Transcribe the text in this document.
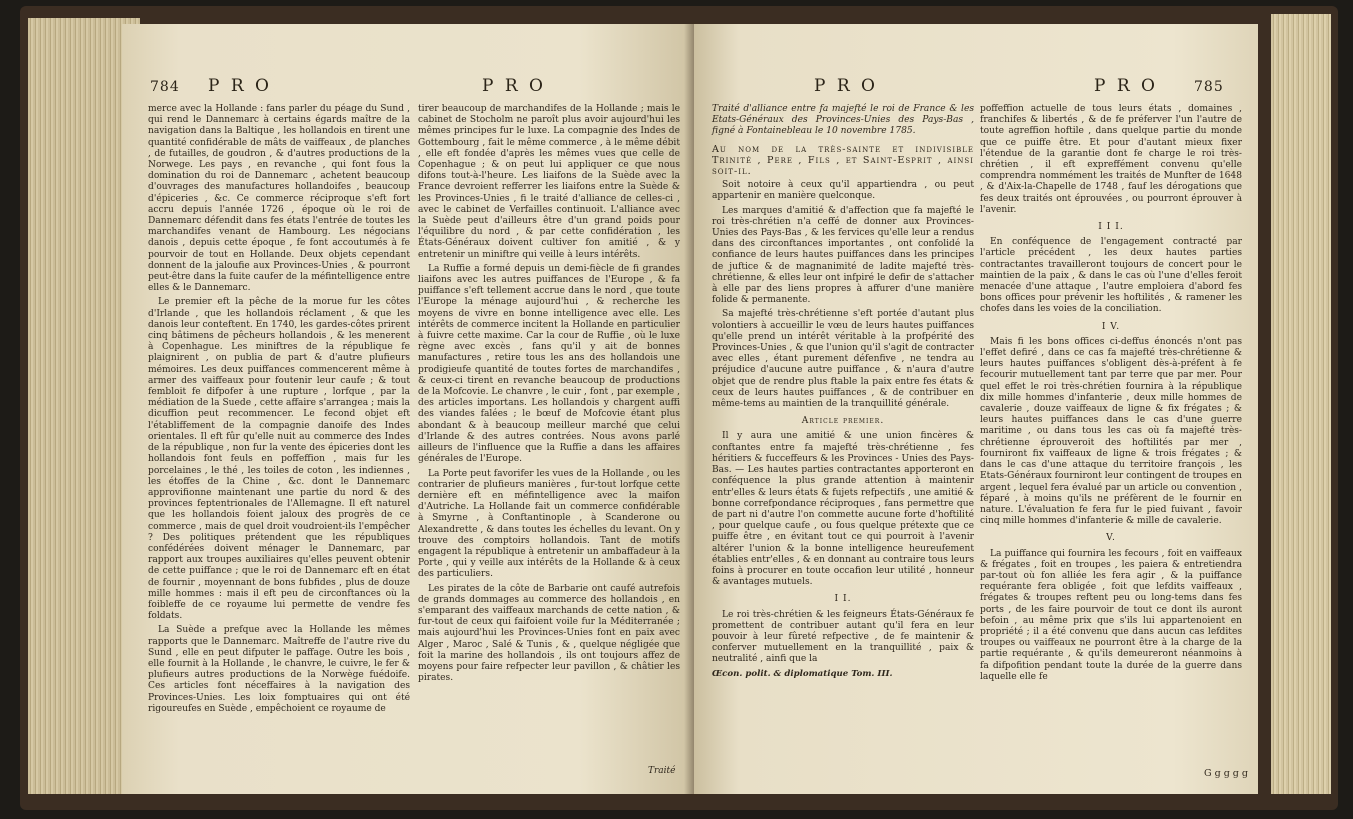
784 P R O	P R O

merce avec la Hollande : fans parler du péage du Sund , qui rend le Dannemarc à certains égards maître de la navigation dans la Baltique , les hollandois en tirent une quantité confidérable de mâts de vaiffeaux , de planches , de futailles, de goudron , & d'autres productions de la Norwege. Les pays , en revanche , qui font fous la domination du roi de Dannemarc , achetent beaucoup d'ouvrages des manufactures hollandoifes , beaucoup d'épiceries , &c. Ce commerce réciproque s'eft fort accru depuis l'année 1726 , époque où le roi de Dannemarc défendit dans fes états l'entrée de toutes les marchandifes venant de Hambourg. Les négocians danois , depuis cette époque , fe font accoutumés à fe pourvoir de tout en Hollande. Deux objets cependant donnent de la jaloufie aux Provinces-Unies , & pourront peut-être dans la fuite caufer de la méfintelligence entre elles & le Dannemarc.

Le premier eft la pêche de la morue fur les côtes d'Irlande , que les hollandois réclament , & que les danois leur conteftent. En 1740, les gardes-côtes prirent cinq bâtimens de pêcheurs hollandois , & les menerent à Copenhague. Les miniftres de la république fe plaignirent , on publia de part & d'autre plufieurs mémoires. Les deux puiffances commencerent même à armer des vaiffeaux pour foutenir leur caufe ; & tout fembloit fe difpofer à une rupture , lorfque , par la médiation de la Suede , cette affaire s'arrangea ; mais la dicuffion peut recommencer. Le fecond objet eft l'établiffement de la compagnie danoife des Indes orientales. Il eft fûr qu'elle nuit au commerce des Indes de la république , non fur la vente des épiceries dont les hollandois font feuls en poffeffion , mais fur les porcelaines , le thé , les toiles de coton , les indiennes , les étoffes de la Chine , &c. dont le Dannemarc approvifionne maintenant une partie du nord & des provinces feptentrionales de l'Allemagne. Il eft naturel que les hollandois foient jaloux des progrès de ce commerce , mais de quel droit voudroient-ils l'empêcher ? Des politiques prétendent que les républiques confédérées doivent ménager le Dannemarc, par rapport aux troupes auxiliaires qu'elles peuvent obtenir de cette puiffance ; que le roi de Dannemarc eft en état de fournir , moyennant de bons fubfides , plus de douze mille hommes : mais il eft peu de circonftances où la foibleffe de ce royaume lui permette de vendre fes foldats.

La Suède a prefque avec la Hollande les mêmes rapports que le Dannemarc. Maîtreffe de l'autre rive du Sund , elle en peut difputer le paffage. Outre les bois , elle fournit à la Hollande , le chanvre, le cuivre, le fer & plufieurs autres productions de la Norwège fuédoife. Ces articles font néceffaires à la navigation des Provinces-Unies. Les loix fomptuaires qui ont été rigoureufes en Suède , empêchoient ce royaume de

tirer beaucoup de marchandifes de la Hollande ; mais le cabinet de Stocholm ne paroît plus avoir aujourd'hui les mêmes principes fur le luxe. La compagnie des Indes de Gottembourg , fait le même commerce , à le même débit , elle eft fondée d'après les mêmes vues que celle de Copenhague ; & on peut lui appliquer ce que nous difons tout-à-l'heure. Les liaifons de la Suède avec la France devroient refferrer les liaifons entre la Suède & les Provinces-Unies , fi le traité d'alliance de celles-ci , avec le cabinet de Verfailles continuoit. L'alliance avec la Suède peut d'ailleurs être d'un grand poids pour l'équilibre du nord , & par cette confidération , les États-Généraux doivent cultiver fon amitié , & y entretenir un miniftre qui veille à leurs intérêts.

La Ruffie a formé depuis un demi-fiècle de fi grandes liaifons avec les autres puiffances de l'Europe , & fa puiffance s'eft tellement accrue dans le nord , que toute l'Europe la ménage aujourd'hui , & recherche les moyens de vivre en bonne intelligence avec elle. Les intérêts de commerce incitent la Hollande en particulier à fuivre cette maxime. Car la cour de Ruffie , où le luxe règne avec excès , fans qu'il y ait de bonnes manufactures , retire tous les ans des hollandois une prodigieufe quantité de toutes fortes de marchandifes , & ceux-ci tirent en revanche beaucoup de productions de la Mofcovie. Le chanvre , le cuir , font , par exemple , des articles importans. Les hollandois y chargent auffi des viandes falées ; le bœuf de Mofcovie étant plus abondant & à beaucoup meilleur marché que celui d'Irlande & des autres contrées. Nous avons parlé ailleurs de l'influence que la Ruffie a dans les affaires générales de l'Europe.

La Porte peut favorifer les vues de la Hollande , ou les contrarier de plufieurs manières , fur-tout lorfque cette dernière eft en méfintelligence avec la maifon d'Autriche. La Hollande fait un commerce confidérable à Smyrne , à Conftantinople , à Scanderone ou Alexandrette , & dans toutes les échelles du levant. On y trouve des comptoirs hollandois. Tant de motifs engagent la république à entretenir un ambaffadeur à la Porte , qui y veille aux intérêts de la Hollande & à ceux des particuliers.

Les pirates de la côte de Barbarie ont caufé autrefois de grands dommages au commerce des hollandois , en s'emparant des vaiffeaux marchands de cette nation , & fur-tout de ceux qui faifoient voile fur la Méditerranée ; mais aujourd'hui les Provinces-Unies font en paix avec Alger , Maroc , Salé & Tunis , & , quelque négligée que foit la marine des hollandois , ils ont toujours affez de moyens pour faire refpecter leur pavillon , & châtier les pirates.

Traité
P R O	P R O	785

Traité d'alliance entre fa majefté le roi de France & les Etats-Généraux des Provinces-Unies des Pays-Bas , figné à Fontainebleau le 10 novembre 1785.

Au nom de la très-sainte et indivisible Trinité , Pere , Fils , et Saint-Esprit , ainsi soit-il.

Soit notoire à ceux qu'il appartiendra , ou peut appartenir en manière quelconque.

Les marques d'amitié & d'affection que fa majefté le roi très-chrétien n'a ceffé de donner aux Provinces-Unies des Pays-Bas , & les fervices qu'elle leur a rendus dans des circonftances importantes , ont confolidé la confiance de leurs hautes puiffances dans les principes de juftice & de magnanimité de ladite majefté très-chrétienne, & elles leur ont infpiré le defir de s'attacher à elle par des liens propres à affurer d'une manière folide & permanente.

Sa majefté très-chrétienne s'eft portée d'autant plus volontiers à accueillir le vœu de leurs hautes puiffances qu'elle prend un intérêt véritable à la profpérité des Provinces-Unies , & que l'union qu'il s'agit de contracter avec elles , étant purement défenfive , ne tendra au préjudice d'aucune autre puiffance , & n'aura d'autre objet que de rendre plus ftable la paix entre fes états & ceux de leurs hautes puiffances , & de contribuer en même-tems au maintien de la tranquillité générale.

Article premier.

Il y aura une amitié & une union fincères & conftantes entre fa majefté très-chrétienne , fes héritiers & fucceffeurs & les Provinces - Unies des Pays-Bas. — Les hautes parties contractantes apporteront en conféquence la plus grande attention à maintenir entr'elles & leurs états & fujets refpectifs , une amitié & bonne correfpondance réciproques , fans permettre que de part ni d'autre l'on commette aucune forte d'hoftilité , pour quelque caufe , ou fous quelque prétexte que ce puiffe être , en évitant tout ce qui pourroit à l'avenir altérer l'union & la bonne intelligence heureufement établies entr'elles , & en donnant au contraire tous leurs foins à procurer en toute occafion leur utilité , honneur & avantages mutuels.

I I.

Le roi très-chrétien & les feigneurs États-Généraux fe promettent de contribuer autant qu'il fera en leur pouvoir à leur fûreté refpective , de fe maintenir & conferver mutuellement en la tranquillité , paix & neutralité , ainfi que la

Œcon. polit. & diplomatique Tom. III.

poffeffion actuelle de tous leurs états , domaines , franchifes & libertés , & de fe préferver l'un l'autre de toute agreffion hoftile , dans quelque partie du monde que ce puiffe être. Et pour d'autant mieux fixer l'étendue de la garantie dont fe charge le roi très-chrétien , il eft expreffément convenu qu'elle comprendra nommément les traités de Munfter de 1648 , & d'Aix-la-Chapelle de 1748 , fauf les dérogations que fes deux traités ont éprouvées , ou pourront éprouver à l'avenir.

I I I.

En conféquence de l'engagement contracté par l'article précédent , les deux hautes parties contractantes travailleront toujours de concert pour le maintien de la paix , & dans le cas où l'une d'elles feroit menacée d'une attaque , l'autre emploiera d'abord fes bons offices pour prévenir les hoftilités , & ramener les chofes dans les voies de la conciliation.

I V.

Mais fi les bons offices ci-deffus énoncés n'ont pas l'effet defiré , dans ce cas fa majefté très-chrétienne & leurs hautes puiffances s'obligent dès-à-préfent à fe fecourir mutuellement tant par terre que par mer. Pour quel effet le roi très-chrétien fournira à la république dix mille hommes d'infanterie , deux mille hommes de cavalerie , douze vaiffeaux de ligne & fix frégates ; & leurs hautes puiffances dans le cas d'une guerre maritime , ou dans tous les cas où fa majefté très-chrétienne éprouveroit des hoftilités par mer , fourniront fix vaiffeaux de ligne & trois frégates ; & dans le cas d'une attaque du territoire françois , les Etats-Généraux fourniront leur contingent de troupes en argent , lequel fera évalué par un article ou convention , féparé , à moins qu'ils ne préfèrent de le fournir en nature. L'évaluation fe fera fur le pied fuivant , favoir cinq mille hommes d'infanterie & mille de cavalerie.

V.

La puiffance qui fournira les fecours , foit en vaiffeaux & frégates , foit en troupes , les paiera & entretiendra par-tout où fon alliée les fera agir , & la puiffance requérante fera obligée , foit que lefdits vaiffeaux , frégates & troupes reftent peu ou long-tems dans fes ports , de les faire pourvoir de tout ce dont ils auront befoin , au même prix que s'ils lui appartenoient en propriété ; il a été convenu que dans aucun cas lefdites troupes ou vaiffeaux ne pourront être à la charge de la partie requérante , & qu'ils demeureront néanmoins à fa difpofition pendant toute la durée de la guerre dans laquelle elle fe

G g g g g
